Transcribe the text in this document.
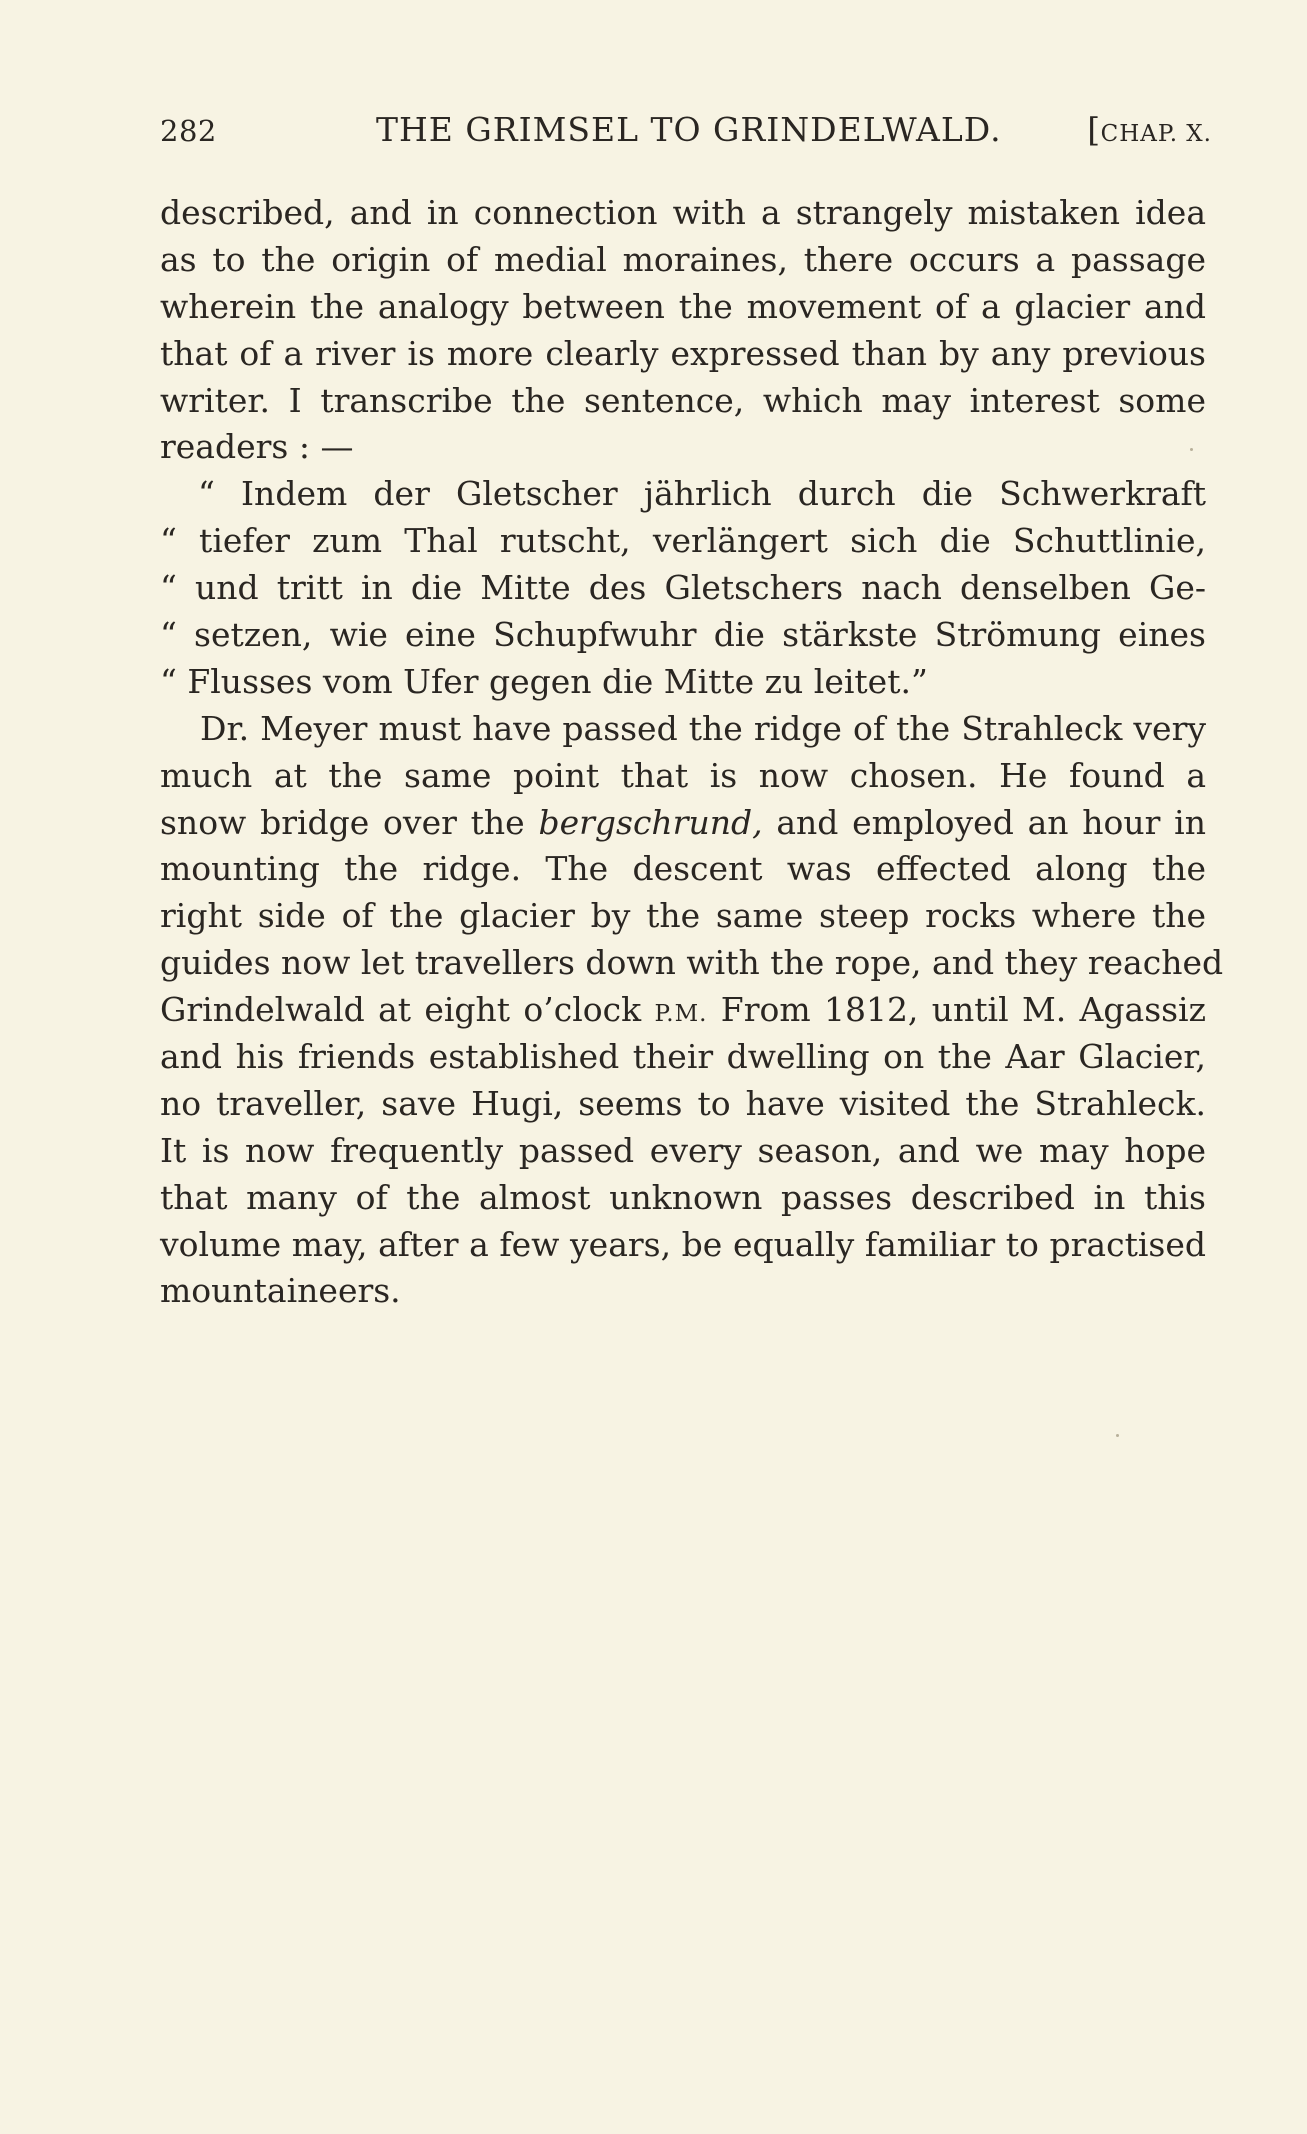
282	THE GRIMSEL TO GRINDELWALD.	[CHAP. X.
described, and in connection with a strangely mistaken idea
as to the origin of medial moraines, there occurs a passage
wherein the analogy between the movement of a glacier and
that of a river is more clearly expressed than by any previous
writer. I transcribe the sentence, which may interest some
readers : —
“ Indem der Gletscher jährlich durch die Schwerkraft
“ tiefer zum Thal rutscht, verlängert sich die Schuttlinie,
“ und tritt in die Mitte des Gletschers nach denselben Ge-
“ setzen, wie eine Schupfwuhr die stärkste Strömung eines
“ Flusses vom Ufer gegen die Mitte zu leitet.”
Dr. Meyer must have passed the ridge of the Strahleck very
much at the same point that is now chosen. He found a
snow bridge over the bergschrund, and employed an hour in
mounting the ridge. The descent was effected along the
right side of the glacier by the same steep rocks where the
guides now let travellers down with the rope, and they reached
Grindelwald at eight o’clock P.M. From 1812, until M. Agassiz
and his friends established their dwelling on the Aar Glacier,
no traveller, save Hugi, seems to have visited the Strahleck.
It is now frequently passed every season, and we may hope
that many of the almost unknown passes described in this
volume may, after a few years, be equally familiar to practised
mountaineers.
